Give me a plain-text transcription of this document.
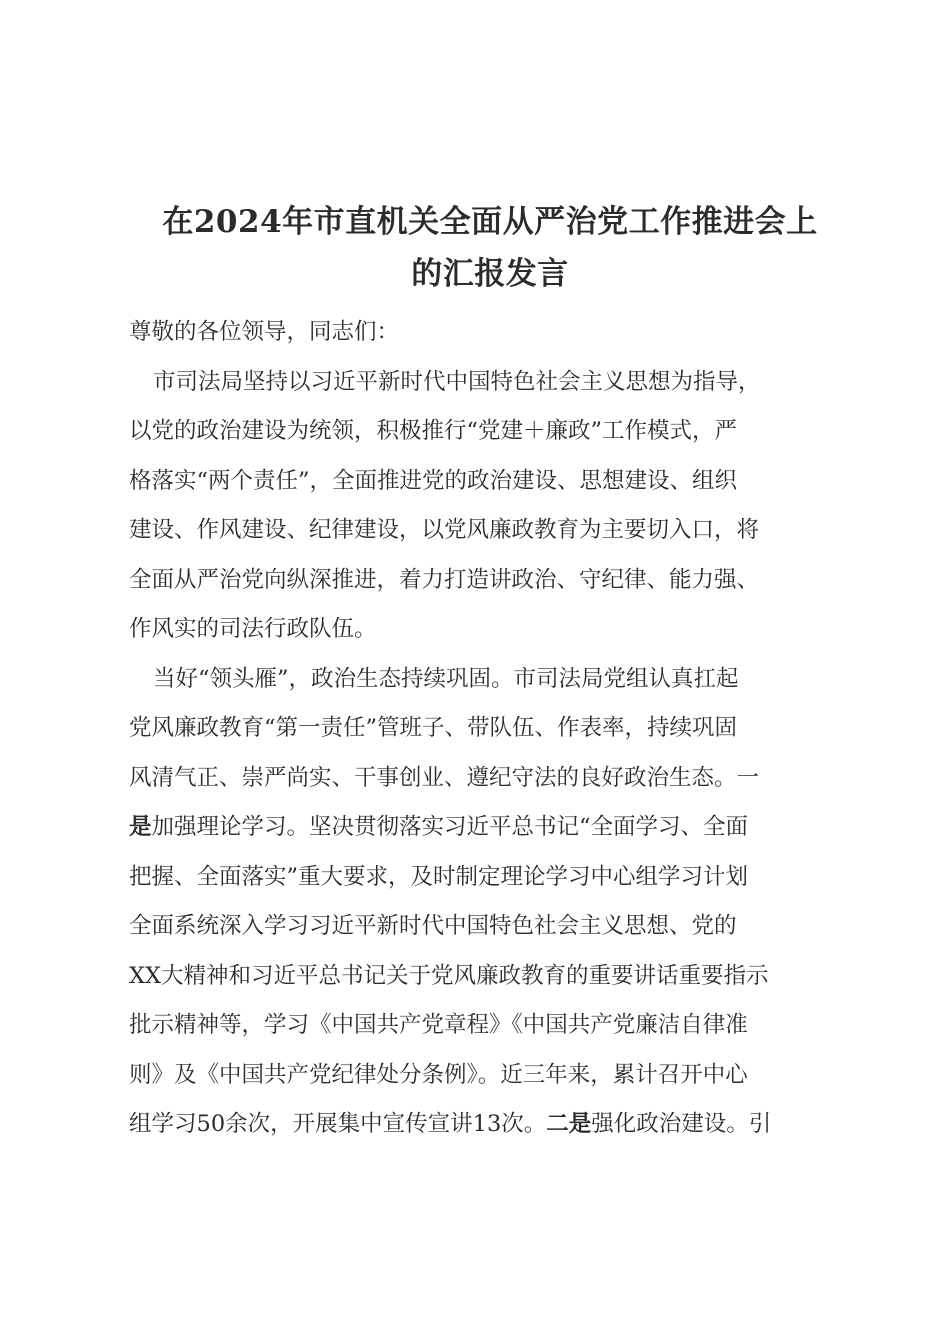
在2024年市直机关全面从严治党工作推进会上
的汇报发言
尊敬的各位领导，同志们：
市司法局坚持以习近平新时代中国特色社会主义思想为指导，
以党的政治建设为统领，积极推行“党建＋廉政”工作模式，严
格落实“两个责任”，全面推进党的政治建设、思想建设、组织
建设、作风建设、纪律建设，以党风廉政教育为主要切入口，将
全面从严治党向纵深推进，着力打造讲政治、守纪律、能力强、
作风实的司法行政队伍。
当好“领头雁”，政治生态持续巩固。市司法局党组认真扛起
党风廉政教育“第一责任”管班子、带队伍、作表率，持续巩固
风清气正、崇严尚实、干事创业、遵纪守法的良好政治生态。一
是加强理论学习。坚决贯彻落实习近平总书记“全面学习、全面
把握、全面落实”重大要求，及时制定理论学习中心组学习计划
全面系统深入学习习近平新时代中国特色社会主义思想、党的
XX大精神和习近平总书记关于党风廉政教育的重要讲话重要指示
批示精神等，学习《中国共产党章程》《中国共产党廉洁自律准
则》及《中国共产党纪律处分条例》。近三年来，累计召开中心
组学习50余次，开展集中宣传宣讲13次。二是强化政治建设。引
